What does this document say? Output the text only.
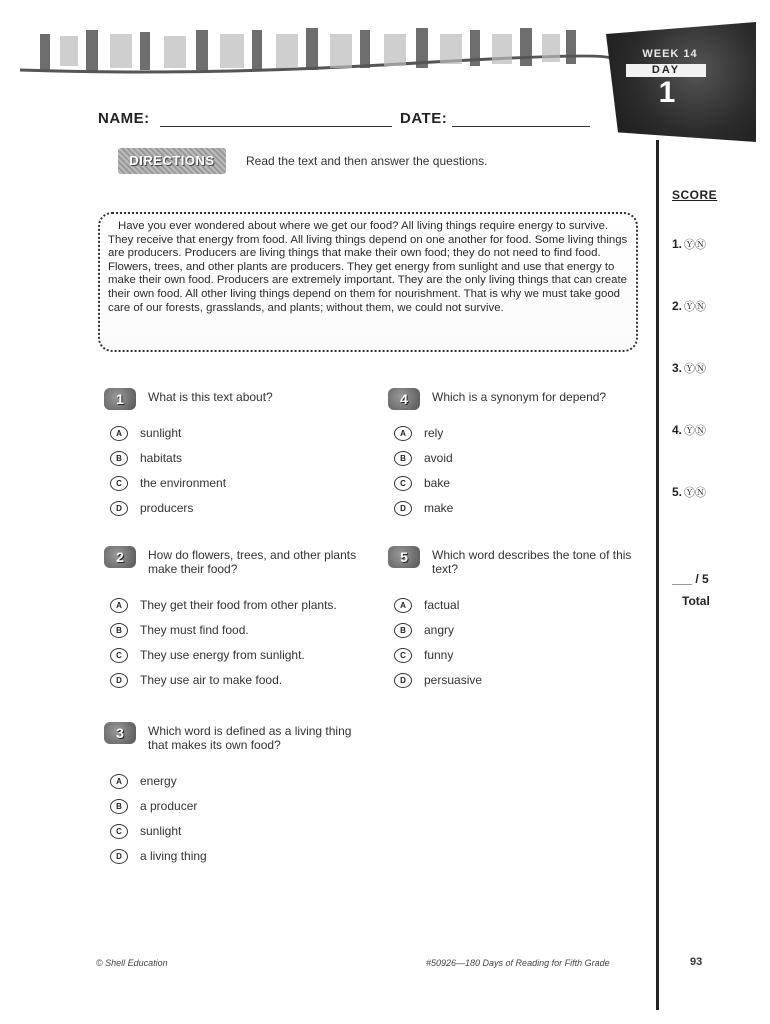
WEEK 14
DAY
1
NAME:	DATE:
DIRECTIONS	Read the text and then answer the questions.

Have you ever wondered about where we get our food? All living things require energy to survive. They receive that energy from food. All living things depend on one another for food. Some living things are producers. Producers are living things that make their own food; they do not need to find food. Flowers, trees, and other plants are producers. They get energy from sunlight and use that energy to make their own food. Producers are extremely important. They are the only living things that can create their own food. All other living things depend on them for nourishment. That is why we must take good care of our forests, grasslands, and plants; without them, we could not survive.

SCORE
1. ⓎⓃ
2. ⓎⓃ
3. ⓎⓃ
4. ⓎⓃ
5. ⓎⓃ
___ / 5
Total
1	What is this text about?
A sunlight
B habitats
C the environment
D producers
2	How do flowers, trees, and other plants make their food?
A They get their food from other plants.
B They must find food.
C They use energy from sunlight.
D They use air to make food.
3	Which word is defined as a living thing that makes its own food?
A energy
B a producer
C sunlight
D a living thing
4	Which is a synonym for depend?
A rely
B avoid
C bake
D make
5	Which word describes the tone of this text?
A factual
B angry
C funny
D persuasive
© Shell Education	#50926—180 Days of Reading for Fifth Grade	93
